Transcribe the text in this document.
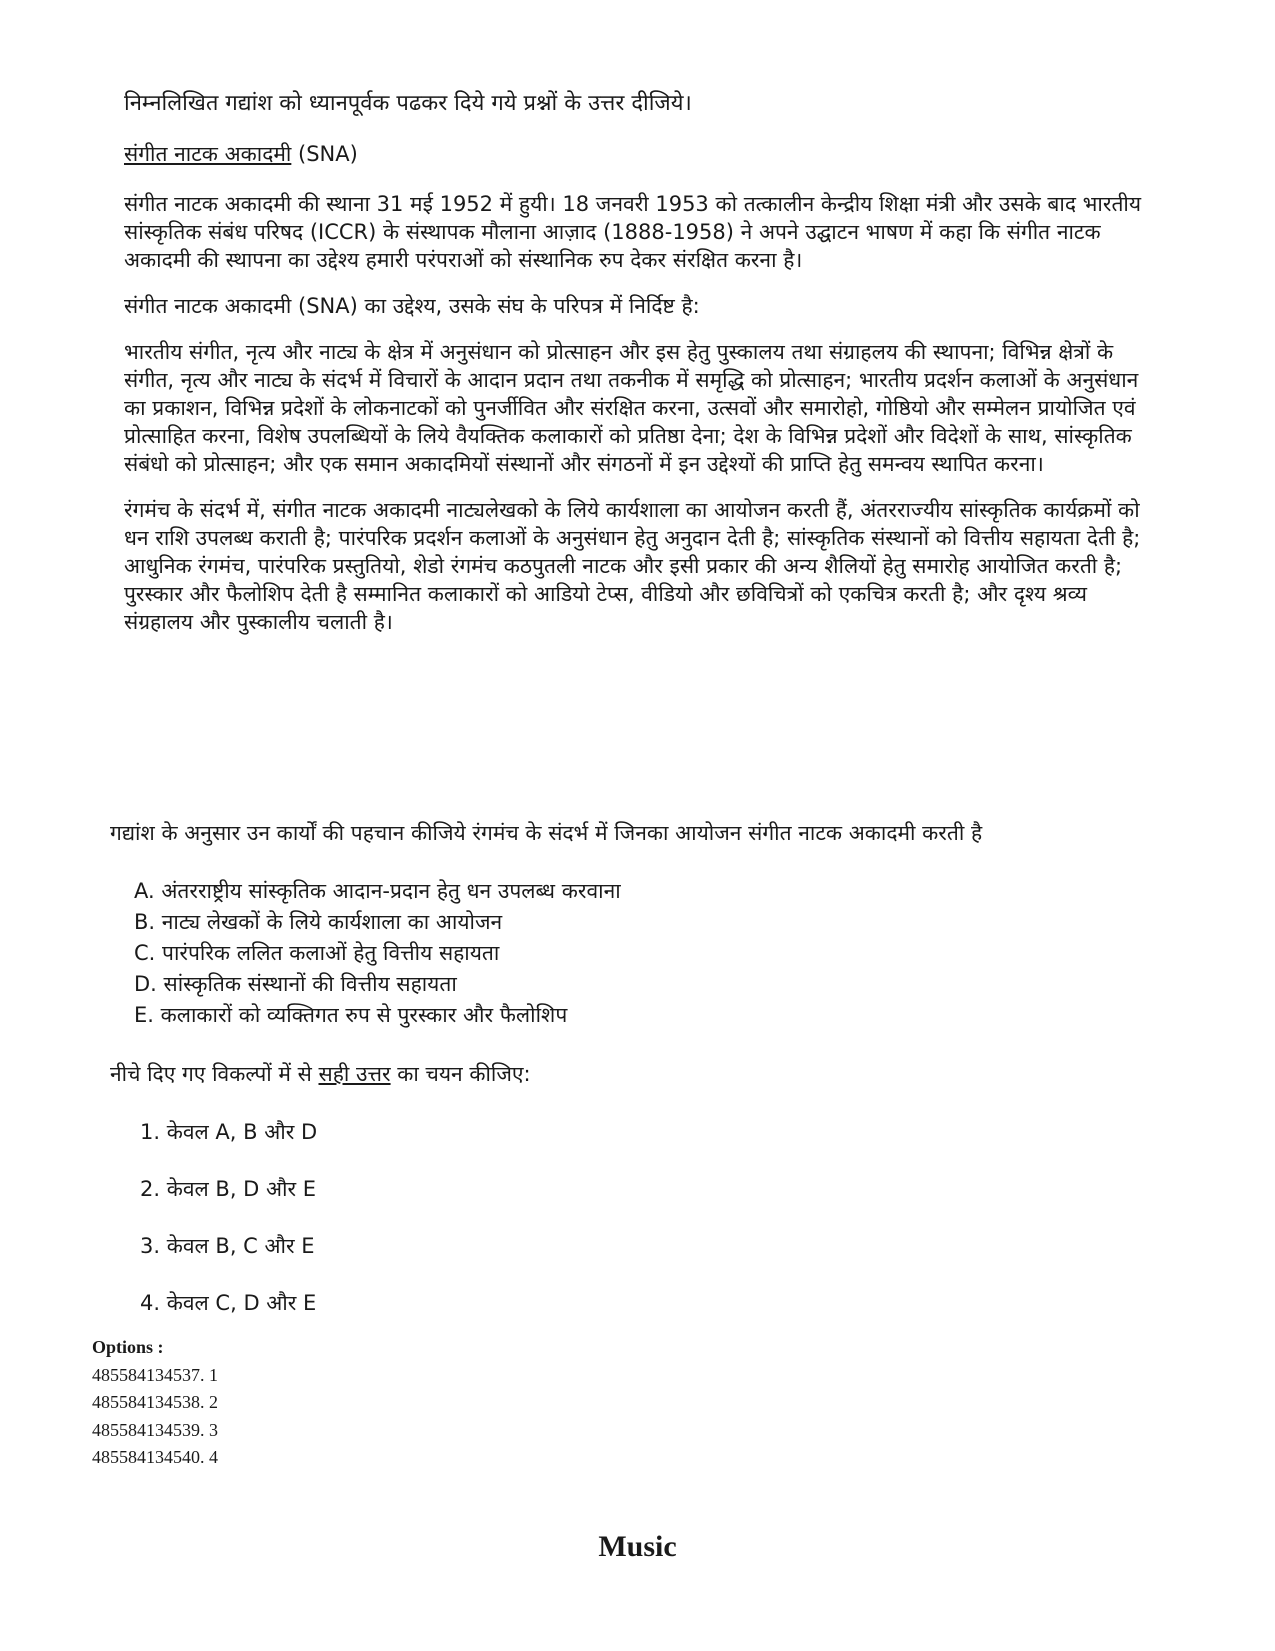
निम्नलिखित गद्यांश को ध्यानपूर्वक पढकर दिये गये प्रश्नों के उत्तर दीजिये।

संगीत नाटक अकादमी (SNA)

संगीत नाटक अकादमी की स्थाना 31 मई 1952 में हुयी। 18 जनवरी 1953 को तत्कालीन केन्द्रीय शिक्षा मंत्री और उसके बाद भारतीय सांस्कृतिक संबंध परिषद (ICCR) के संस्थापक मौलाना आज़ाद (1888-1958) ने अपने उद्घाटन भाषण में कहा कि संगीत नाटक अकादमी की स्थापना का उद्देश्य हमारी परंपराओं को संस्थानिक रुप देकर संरक्षित करना है।

संगीत नाटक अकादमी (SNA) का उद्देश्य, उसके संघ के परिपत्र में निर्दिष्ट है:

भारतीय संगीत, नृत्य और नाट्य के क्षेत्र में अनुसंधान को प्रोत्साहन और इस हेतु पुस्कालय तथा संग्राहलय की स्थापना; विभिन्न क्षेत्रों के संगीत, नृत्य और नाट्य के संदर्भ में विचारों के आदान प्रदान तथा तकनीक में समृद्धि को प्रोत्साहन; भारतीय प्रदर्शन कलाओं के अनुसंधान का प्रकाशन, विभिन्न प्रदेशों के लोकनाटकों को पुनर्जीवित और संरक्षित करना, उत्सवों और समारोहो, गोष्ठियो और सम्मेलन प्रायोजित एवं प्रोत्साहित करना, विशेष उपलब्धियों के लिये वैयक्तिक कलाकारों को प्रतिष्ठा देना; देश के विभिन्न प्रदेशों और विदेशों के साथ, सांस्कृतिक संबंधो को प्रोत्साहन; और एक समान अकादमियों संस्थानों और संगठनों में इन उद्देश्यों की प्राप्ति हेतु समन्वय स्थापित करना।

रंगमंच के संदर्भ में, संगीत नाटक अकादमी नाट्यलेखको के लिये कार्यशाला का आयोजन करती हैं, अंतरराज्यीय सांस्कृतिक कार्यक्रमों को धन राशि उपलब्ध कराती है; पारंपरिक प्रदर्शन कलाओं के अनुसंधान हेतु अनुदान देती है; सांस्कृतिक संस्थानों को वित्तीय सहायता देती है; आधुनिक रंगमंच, पारंपरिक प्रस्तुतियो, शेडो रंगमंच कठपुतली नाटक और इसी प्रकार की अन्य शैलियों हेतु समारोह आयोजित करती है; पुरस्कार और फैलोशिप देती है सम्मानित कलाकारों को आडियो टेप्स, वीडियो और छविचित्रों को एकचित्र करती है; और दृश्य श्रव्य संग्रहालय और पुस्कालीय चलाती है।

गद्यांश के अनुसार उन कार्यों की पहचान कीजिये रंगमंच के संदर्भ में जिनका आयोजन संगीत नाटक अकादमी करती है

A. अंतरराष्ट्रीय सांस्कृतिक आदान-प्रदान हेतु धन उपलब्ध करवाना
B. नाट्य लेखकों के लिये कार्यशाला का आयोजन
C. पारंपरिक ललित कलाओं हेतु वित्तीय सहायता
D. सांस्कृतिक संस्थानों की वित्तीय सहायता
E. कलाकारों को व्यक्तिगत रुप से पुरस्कार और फैलोशिप

नीचे दिए गए विकल्पों में से सही उत्तर का चयन कीजिए:

1. केवल A, B और D
2. केवल B, D और E
3. केवल B, C और E
4. केवल C, D और E
Options :
485584134537. 1
485584134538. 2
485584134539. 3
485584134540. 4
Music
